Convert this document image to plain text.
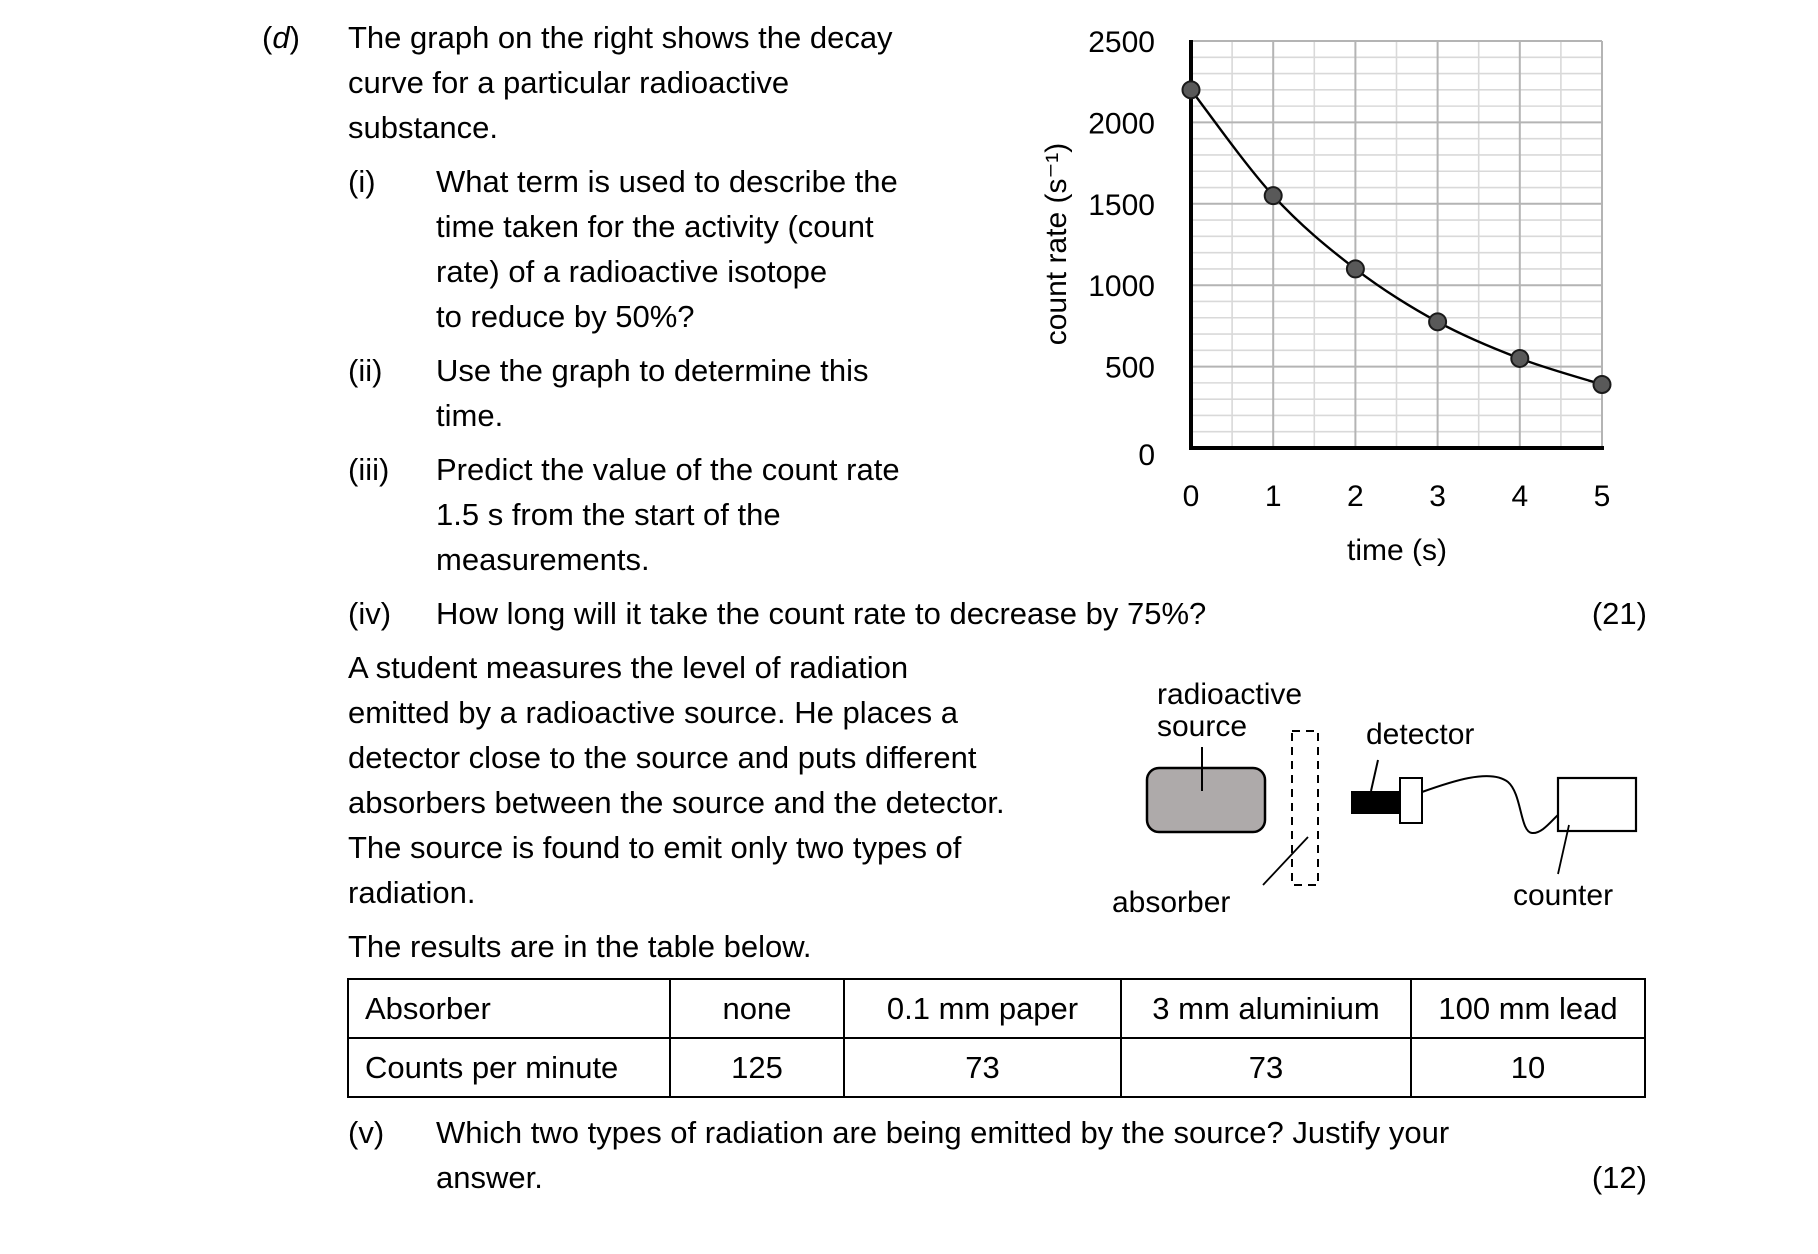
(d) The graph on the right shows the decay
curve for a particular radioactive
substance.
(i) What term is used to describe the
time taken for the activity (count
rate) of a radioactive isotope
to reduce by 50%?
(ii) Use the graph to determine this
time.
(iii) Predict the value of the count rate
1.5 s from the start of the
measurements.
(iv) How long will it take the count rate to decrease by 75%?	(21)
A student measures the level of radiation
emitted by a radioactive source. He places a
detector close to the source and puts different
absorbers between the source and the detector.
The source is found to emit only two types of
radiation.
The results are in the table below.
Absorber	none	0.1 mm paper	3 mm aluminium	100 mm lead
Counts per minute	125	73	73	10
(v) Which two types of radiation are being emitted by the source? Justify your
answer.	(12)
0
500
1000
1500
2000
2500
0 1 2 3 4 5
count rate (s⁻¹)
time (s)
radioactive
source
absorber
detector
counter
